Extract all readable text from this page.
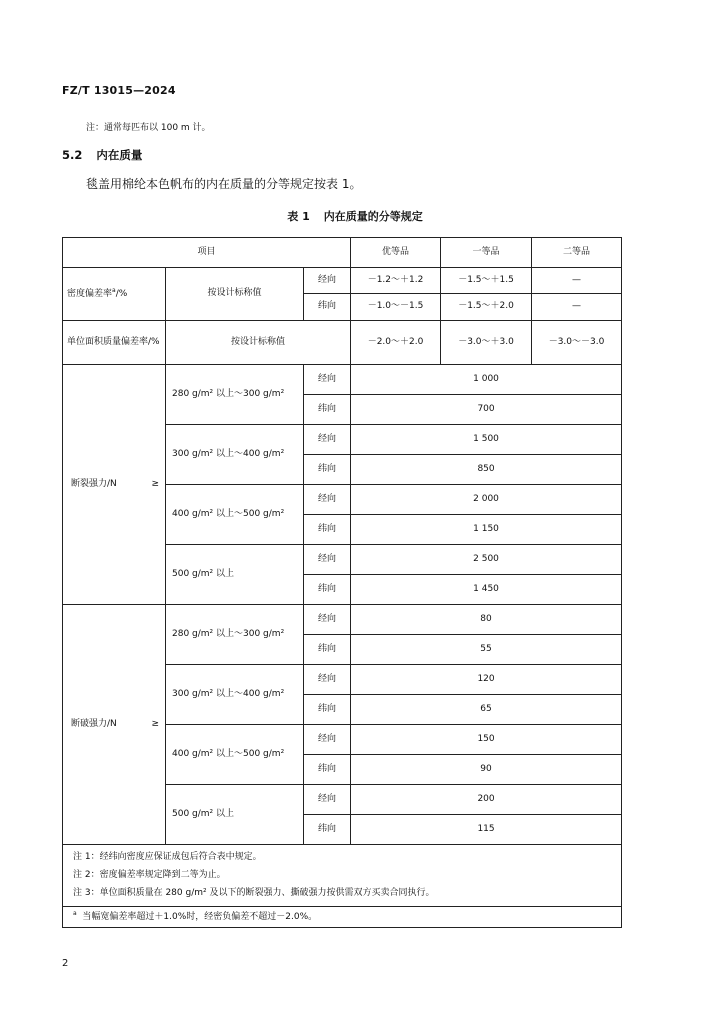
FZ/T 13015—2024
注：通常每匹布以 100 m 计。
5.2 内在质量
毯盖用棉纶本色帆布的内在质量的分等规定按表 1。
表 1 内在质量的分等规定
项目			优等品	一等品	二等品
密度偏差率$^a$/%	按设计标称值	经向	－1.2～＋1.2	－1.5～＋1.5	—
		纬向	－1.0～－1.5	－1.5～＋2.0	—
单位面积质量偏差率/%	按设计标称值		－2.0～＋2.0	－3.0～＋3.0	－3.0～－3.0

断裂强力/N ≥	280 g/m² 以上～300 g/m²	经向	1 000		
		纬向	700		
	300 g/m² 以上～400 g/m²	经向	1 500		
		纬向	850		
	400 g/m² 以上～500 g/m²	经向	2 000		
		纬向	1 150		
	500 g/m² 以上	经向	2 500		
		纬向	1 450		

断破强力/N ≥	280 g/m² 以上～300 g/m²	经向	80		
		纬向	55		
	300 g/m² 以上～400 g/m²	经向	120		
		纬向	65		
	400 g/m² 以上～500 g/m²	经向	150		
		纬向	90		
	500 g/m² 以上	经向	200		
		纬向	115		

注 1：经纬向密度应保证成包后符合表中规定。
注 2：密度偏差率规定降到二等为止。
注 3：单位面积质量在 280 g/m² 及以下的断裂强力、撕破强力按供需双方买卖合同执行。					

$^a$ 当幅宽偏差率超过＋1.0%时，经密负偏差不超过－2.0%。					
2
